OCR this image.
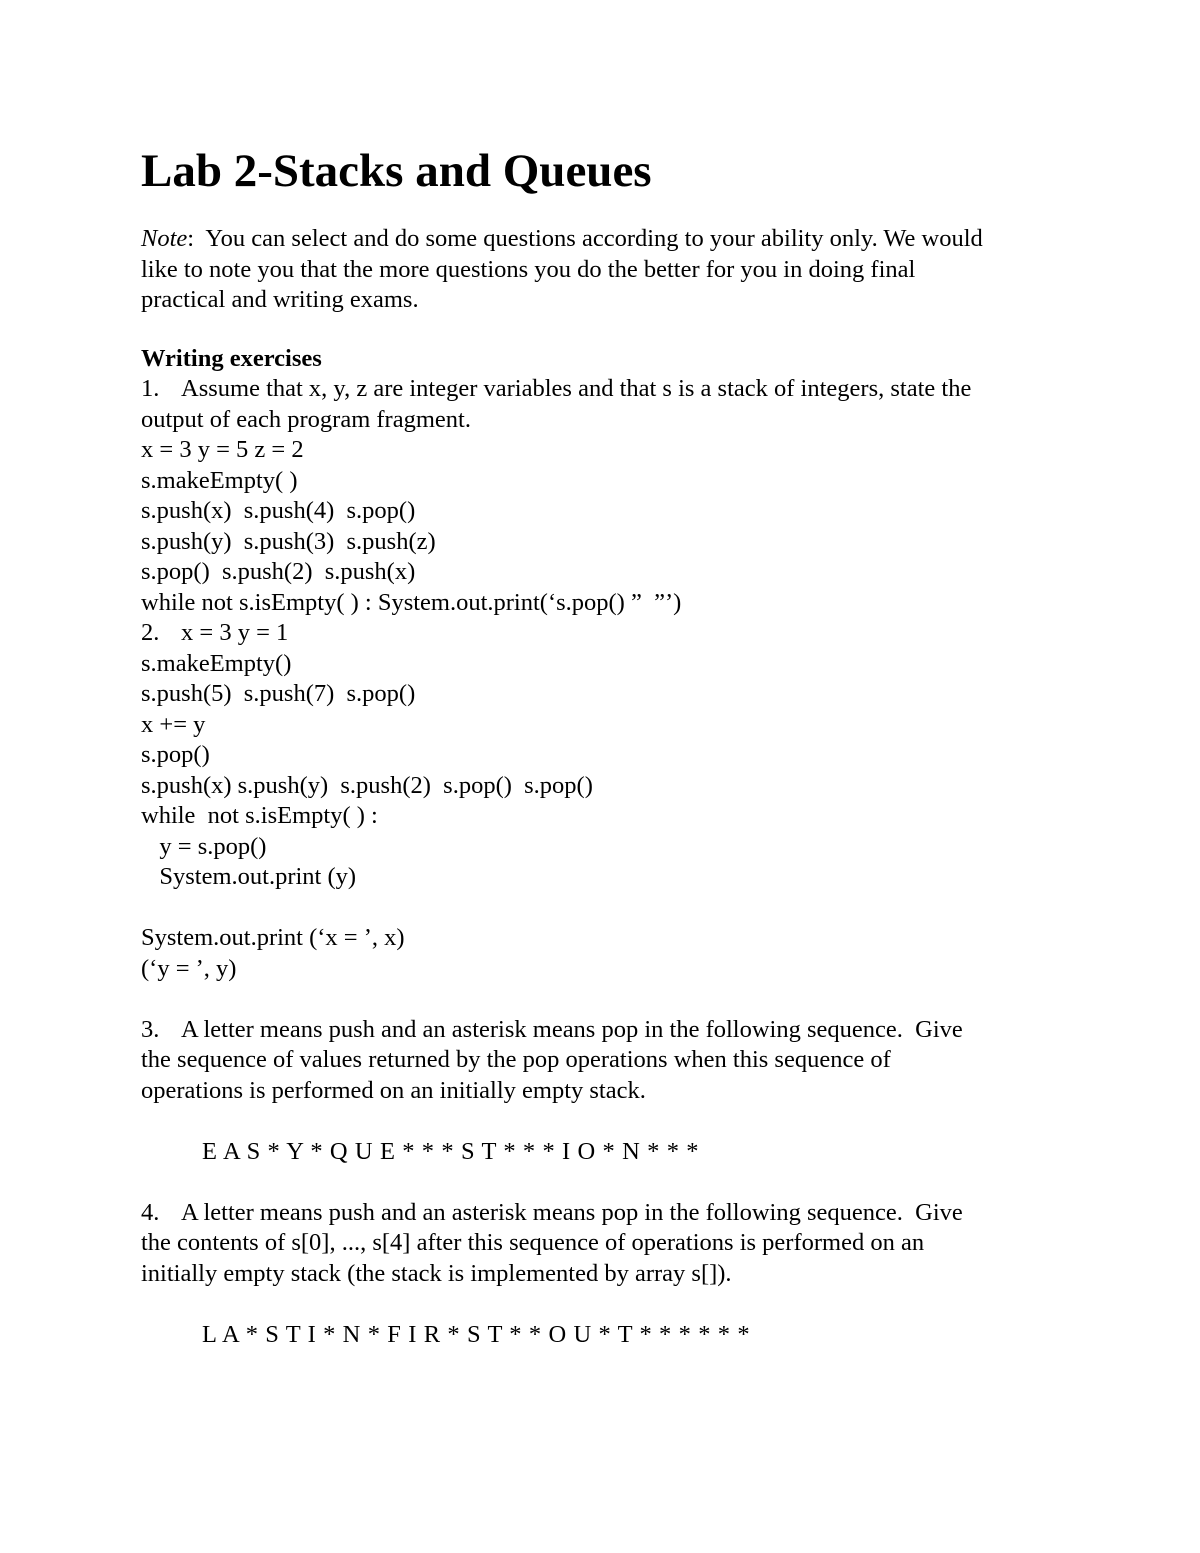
Lab 2-Stacks and Queues
Note:  You can select and do some questions according to your ability only. We would
like to note you that the more questions you do the better for you in doing final
practical and writing exams.
Writing exercises
1. Assume that x, y, z are integer variables and that s is a stack of integers, state the
output of each program fragment.
x = 3 y = 5 z = 2
s.makeEmpty( )
s.push(x)  s.push(4)  s.pop()
s.push(y)  s.push(3)  s.push(z)
s.pop()  s.push(2)  s.push(x)
while not s.isEmpty( ) : System.out.print(‘s.pop() ”  ”’)
2. x = 3 y = 1
s.makeEmpty()
s.push(5)  s.push(7)  s.pop()
x += y
s.pop()
s.push(x) s.push(y)  s.push(2)  s.pop()  s.pop()
while  not s.isEmpty( ) :
y = s.pop()
System.out.print (y)
System.out.print (‘x = ’, x)
(‘y = ’, y)
3. A letter means push and an asterisk means pop in the following sequence.  Give
the sequence of values returned by the pop operations when this sequence of
operations is performed on an initially empty stack.
E A S * Y * Q U E * * * S T * * * I O * N * * *
4. A letter means push and an asterisk means pop in the following sequence.  Give
the contents of s[0], ..., s[4] after this sequence of operations is performed on an
initially empty stack (the stack is implemented by array s[]).
L A * S T I * N * F I R * S T * * O U * T * * * * * *
